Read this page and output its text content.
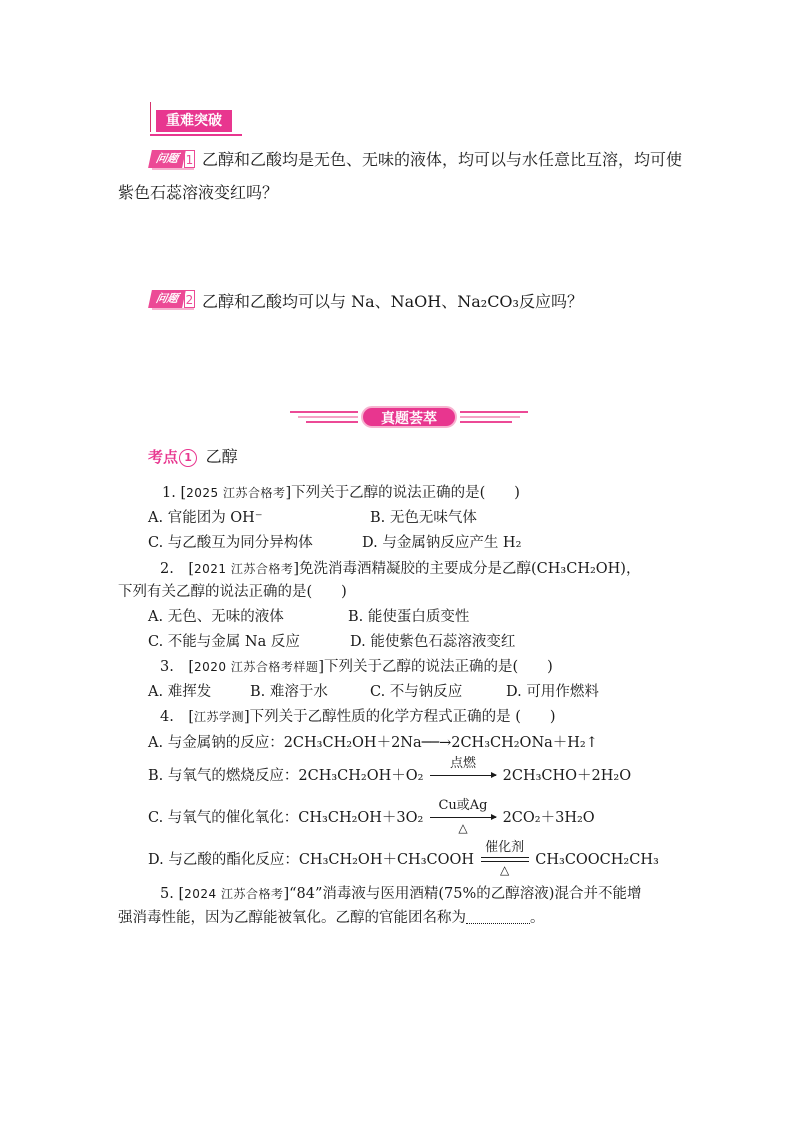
重难突破
问题 1 乙醇和乙酸均是无色、无味的液体，均可以与水任意比互溶，均可使
紫色石蕊溶液变红吗？
问题 2 乙醇和乙酸均可以与 Na、NaOH、Na₂CO₃反应吗？
真题荟萃
考点 1 乙醇
1. [2025 江苏合格考]下列关于乙醇的说法正确的是(　　)
A. 官能团为 OH⁻	B. 无色无味气体
C. 与乙酸互为同分异构体	D. 与金属钠反应产生 H₂
2.　[2021 江苏合格考]免洗消毒酒精凝胶的主要成分是乙醇(CH₃CH₂OH)，
下列有关乙醇的说法正确的是(　　)
A. 无色、无味的液体	B. 能使蛋白质变性
C. 不能与金属 Na 反应	D. 能使紫色石蕊溶液变红
3.　[2020 江苏合格考样题]下列关于乙醇的说法正确的是(　　)
A. 难挥发	B. 难溶于水	C. 不与钠反应	D. 可用作燃料
4.　[江苏学测]下列关于乙醇性质的化学方程式正确的是 (　　)
A. 与金属钠的反应：2CH₃CH₂OH＋2Na──→2CH₃CH₂ONa＋H₂↑
B. 与氧气的燃烧反应：2CH₃CH₂OH＋O₂
点燃
2CH₃CHO＋2H₂O
C. 与氧气的催化氧化：CH₃CH₂OH＋3O₂
Cu或Ag
△
2CO₂＋3H₂O
D. 与乙酸的酯化反应：CH₃CH₂OH＋CH₃COOH
催化剂
△
CH₃COOCH₂CH₃
5. [2024 江苏合格考]“84”消毒液与医用酒精(75%的乙醇溶液)混合并不能增
强消毒性能，因为乙醇能被氧化。乙醇的官能团名称为	。
